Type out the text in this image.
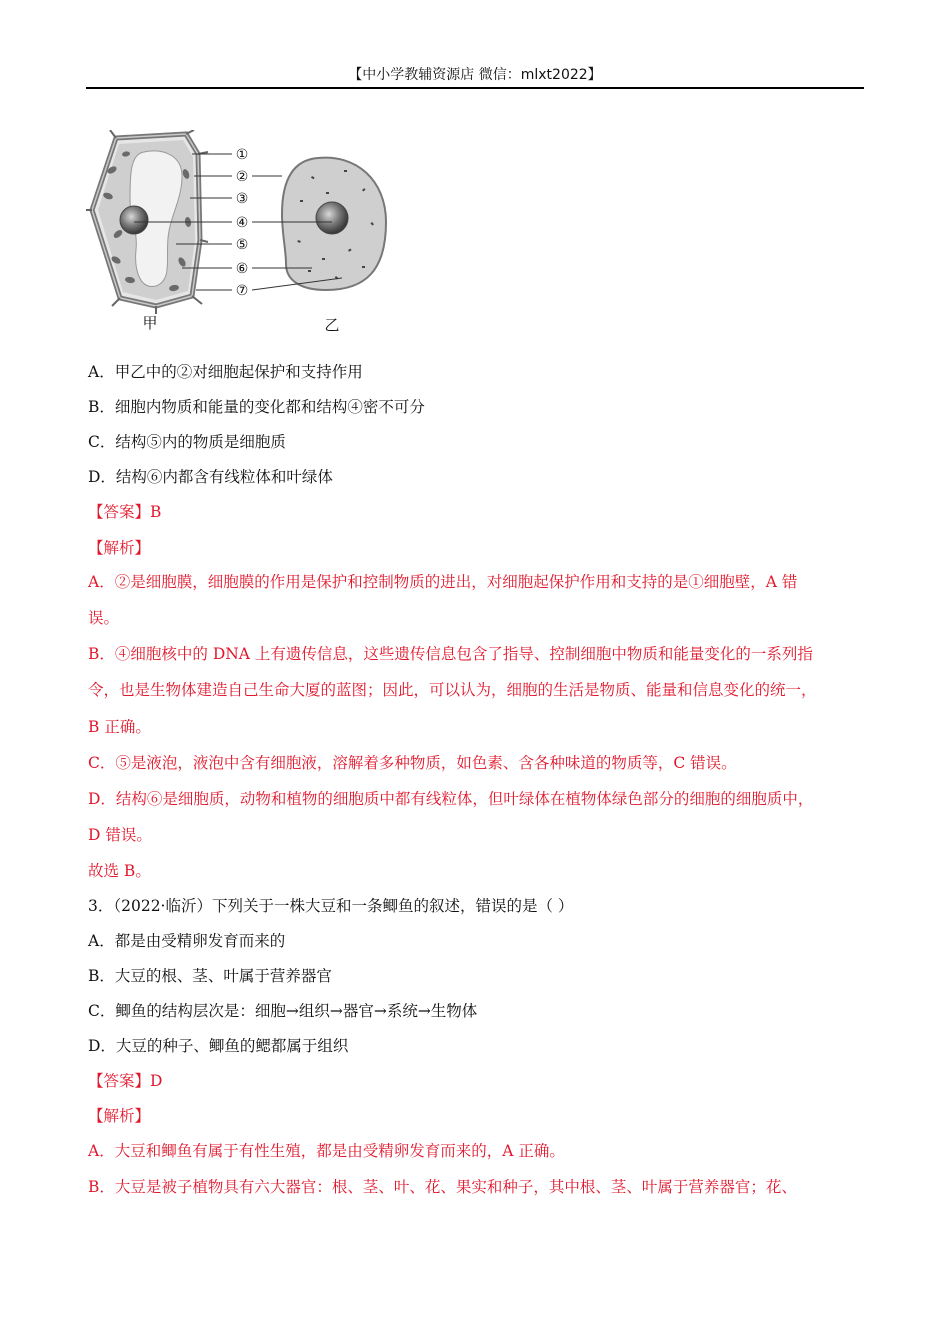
【中小学教辅资源店 微信：mlxt2022】
①
②
③
④
⑤
⑥
⑦
甲	乙
A．甲乙中的②对细胞起保护和支持作用
B．细胞内物质和能量的变化都和结构④密不可分
C．结构⑤内的物质是细胞质
D．结构⑥内都含有线粒体和叶绿体
【答案】B
【解析】
A．②是细胞膜，细胞膜的作用是保护和控制物质的进出，对细胞起保护作用和支持的是①细胞壁，A 错
误。
B．④细胞核中的 DNA 上有遗传信息，这些遗传信息包含了指导、控制细胞中物质和能量变化的一系列指
令，也是生物体建造自己生命大厦的蓝图；因此，可以认为，细胞的生活是物质、能量和信息变化的统一，
B 正确。
C．⑤是液泡，液泡中含有细胞液，溶解着多种物质，如色素、含各种味道的物质等，C 错误。
D．结构⑥是细胞质，动物和植物的细胞质中都有线粒体，但叶绿体在植物体绿色部分的细胞的细胞质中，
D 错误。
故选 B。
3．（2022·临沂）下列关于一株大豆和一条鲫鱼的叙述，错误的是（ ）
A．都是由受精卵发育而来的
B．大豆的根、茎、叶属于营养器官
C．鲫鱼的结构层次是：细胞→组织→器官→系统→生物体
D．大豆的种子、鲫鱼的鳃都属于组织
【答案】D
【解析】
A．大豆和鲫鱼有属于有性生殖，都是由受精卵发育而来的，A 正确。
B．大豆是被子植物具有六大器官：根、茎、叶、花、果实和种子，其中根、茎、叶属于营养器官；花、
